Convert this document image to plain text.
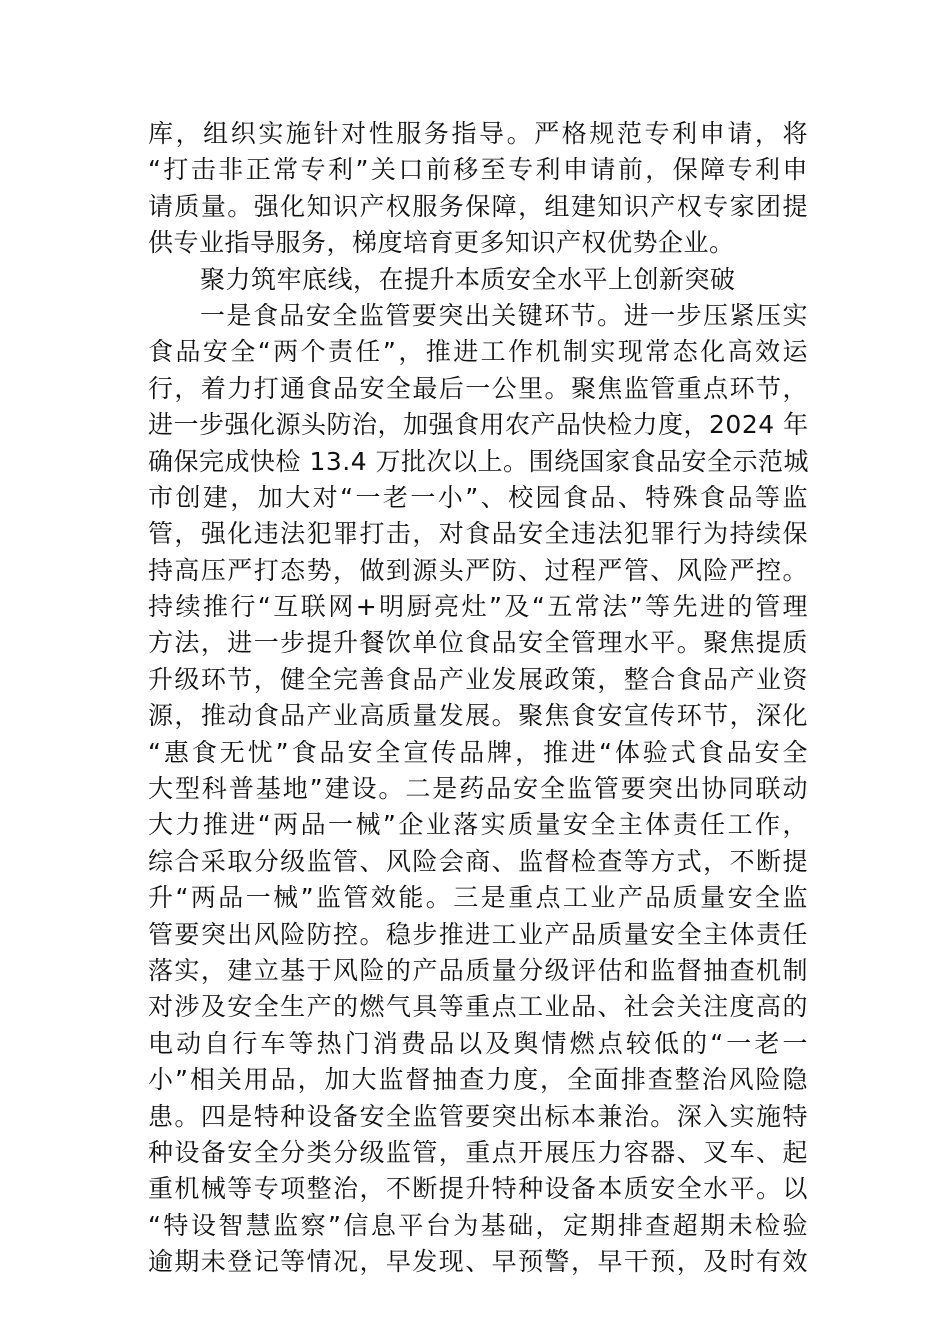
库，组织实施针对性服务指导。严格规范专利申请，将
“打击非正常专利”关口前移至专利申请前，保障专利申
请质量。强化知识产权服务保障，组建知识产权专家团提
供专业指导服务，梯度培育更多知识产权优势企业。
聚力筑牢底线，在提升本质安全水平上创新突破
一是食品安全监管要突出关键环节。进一步压紧压实
食品安全“两个责任”，推进工作机制实现常态化高效运
行，着力打通食品安全最后一公里。聚焦监管重点环节，
进一步强化源头防治，加强食用农产品快检力度，2024 年
确保完成快检 13.4 万批次以上。围绕国家食品安全示范城
市创建，加大对“一老一小”、校园食品、特殊食品等监
管，强化违法犯罪打击，对食品安全违法犯罪行为持续保
持高压严打态势，做到源头严防、过程严管、风险严控。
持续推行“互联网+明厨亮灶”及“五常法”等先进的管理
方法，进一步提升餐饮单位食品安全管理水平。聚焦提质
升级环节，健全完善食品产业发展政策，整合食品产业资
源，推动食品产业高质量发展。聚焦食安宣传环节，深化
“惠食无忧”食品安全宣传品牌，推进“体验式食品安全
大型科普基地”建设。二是药品安全监管要突出协同联动
大力推进“两品一械”企业落实质量安全主体责任工作，
综合采取分级监管、风险会商、监督检查等方式，不断提
升“两品一械”监管效能。三是重点工业产品质量安全监
管要突出风险防控。稳步推进工业产品质量安全主体责任
落实，建立基于风险的产品质量分级评估和监督抽查机制
对涉及安全生产的燃气具等重点工业品、社会关注度高的
电动自行车等热门消费品以及舆情燃点较低的“一老一
小”相关用品，加大监督抽查力度，全面排查整治风险隐
患。四是特种设备安全监管要突出标本兼治。深入实施特
种设备安全分类分级监管，重点开展压力容器、叉车、起
重机械等专项整治，不断提升特种设备本质安全水平。以
“特设智慧监察”信息平台为基础，定期排查超期未检验
逾期未登记等情况，早发现、早预警，早干预，及时有效
